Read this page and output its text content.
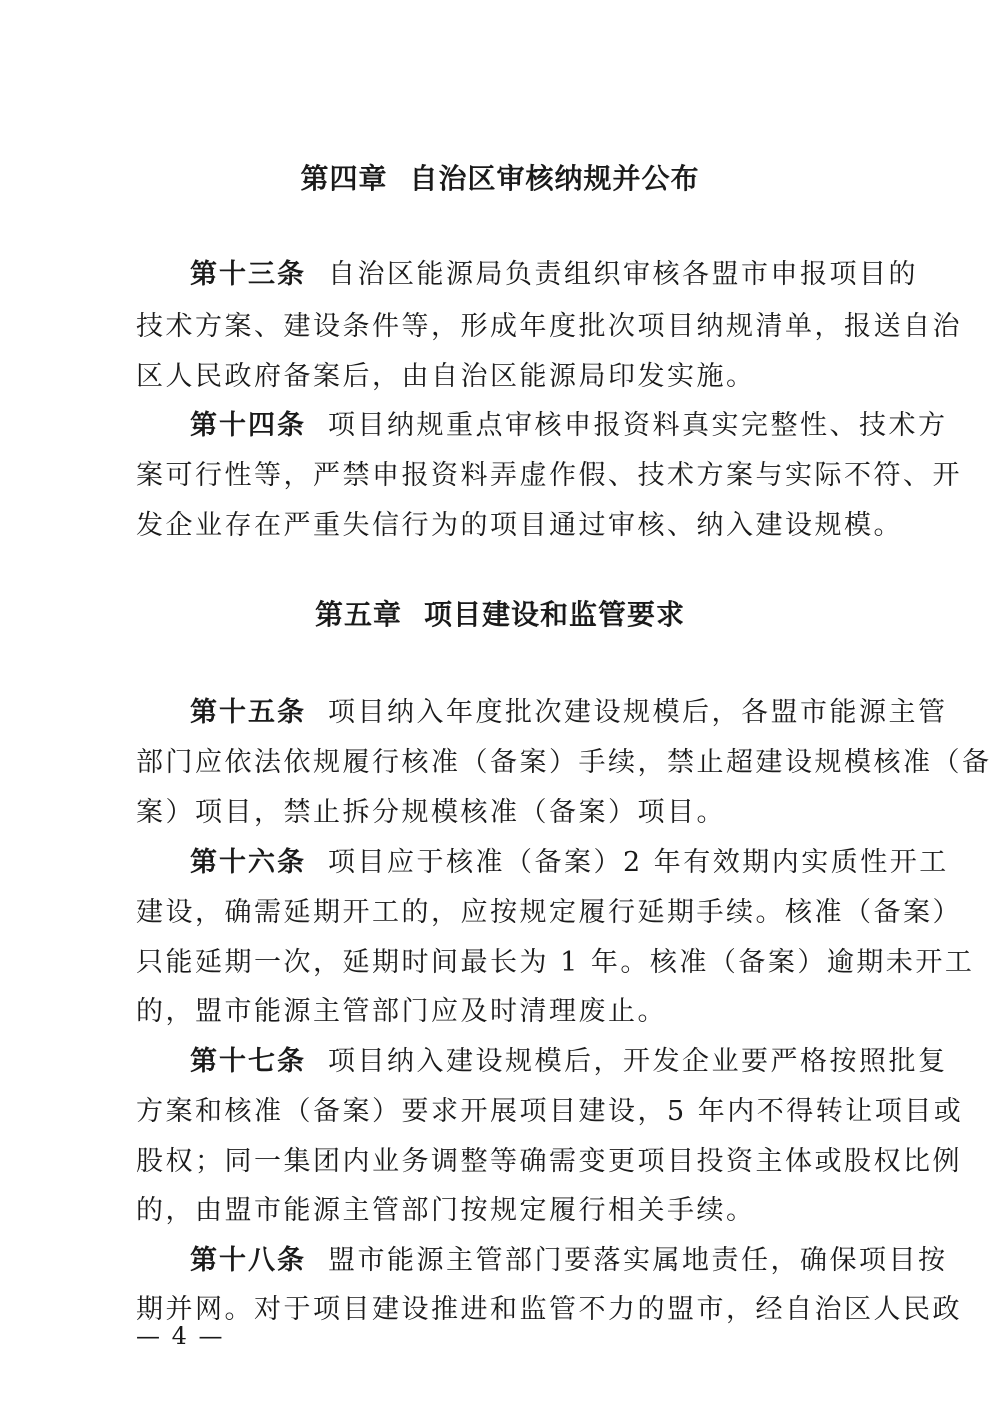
第四章 自治区审核纳规并公布
第十三条 自治区能源局负责组织审核各盟市申报项目的
技术方案、建设条件等，形成年度批次项目纳规清单，报送自治
区人民政府备案后，由自治区能源局印发实施。
第十四条 项目纳规重点审核申报资料真实完整性、技术方
案可行性等，严禁申报资料弄虚作假、技术方案与实际不符、开
发企业存在严重失信行为的项目通过审核、纳入建设规模。
第五章 项目建设和监管要求
第十五条 项目纳入年度批次建设规模后，各盟市能源主管
部门应依法依规履行核准（备案）手续，禁止超建设规模核准（备
案）项目，禁止拆分规模核准（备案）项目。
第十六条 项目应于核准（备案）2 年有效期内实质性开工
建设，确需延期开工的，应按规定履行延期手续。核准（备案）
只能延期一次，延期时间最长为 1 年。核准（备案）逾期未开工
的，盟市能源主管部门应及时清理废止。
第十七条 项目纳入建设规模后，开发企业要严格按照批复
方案和核准（备案）要求开展项目建设，5 年内不得转让项目或
股权；同一集团内业务调整等确需变更项目投资主体或股权比例
的，由盟市能源主管部门按规定履行相关手续。
第十八条 盟市能源主管部门要落实属地责任，确保项目按
期并网。对于项目建设推进和监管不力的盟市，经自治区人民政
— 4 —
